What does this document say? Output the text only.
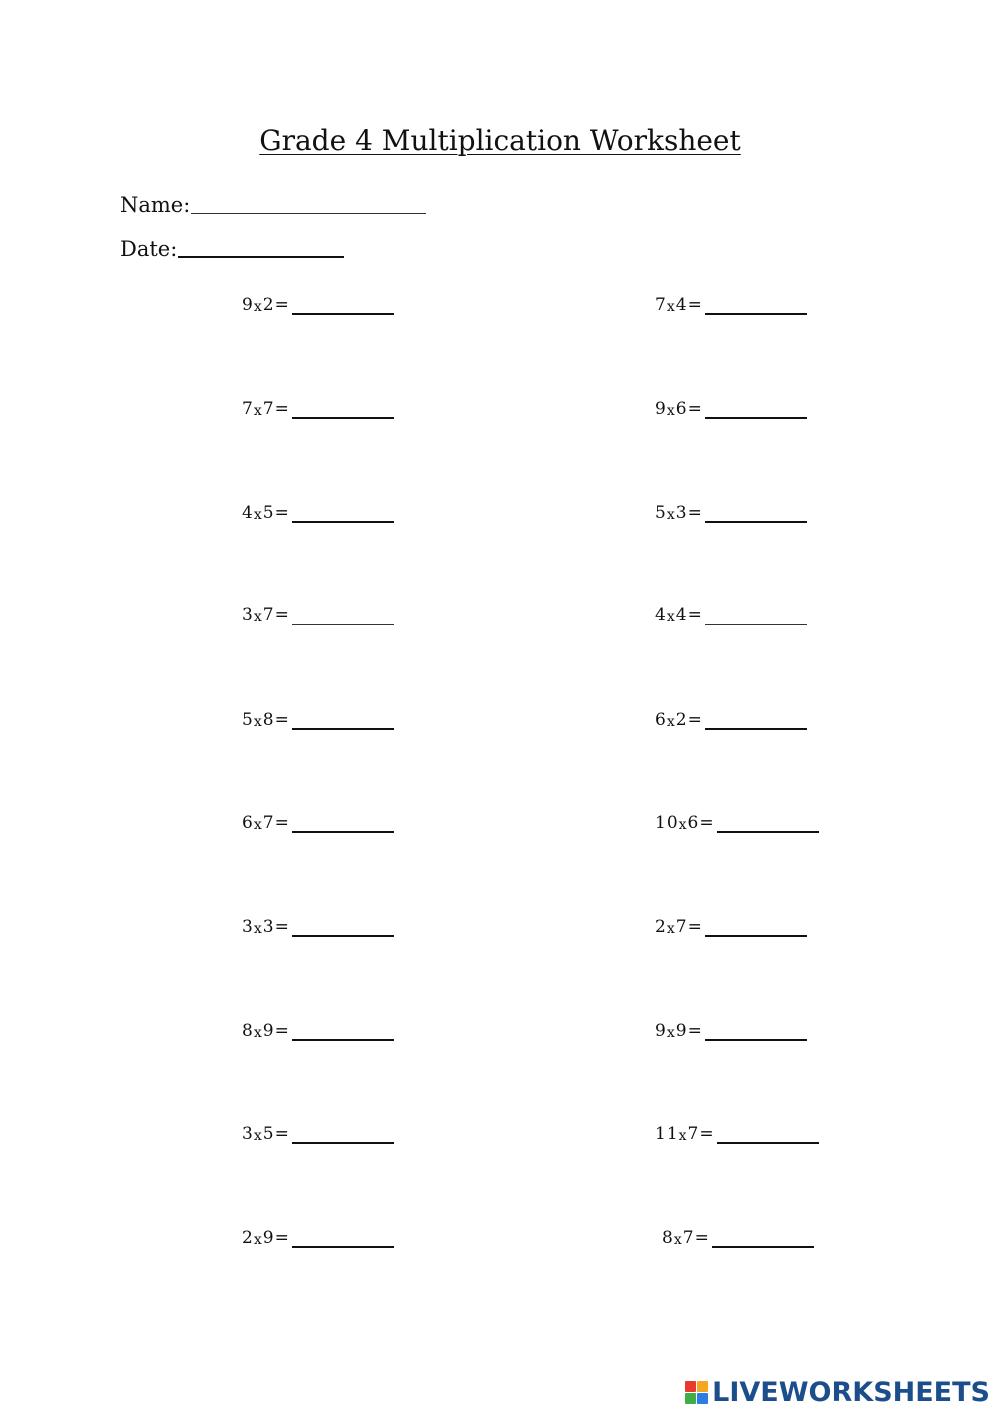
Grade 4 Multiplication Worksheet
Name:
Date:
9 x 2 =	7 x 4 =
7 x 7 =	9 x 6 =
4 x 5 =	5 x 3 =
3 x 7 =	4 x 4 =
5 x 8 =	6 x 2 =
6 x 7 =	10 x 6 =
3 x 3 =	2 x 7 =
8 x 9 =	9 x 9 =
3 x 5 =	11 x 7 =
2 x 9 =	8 x 7 =
LIVEWORKSHEETS
